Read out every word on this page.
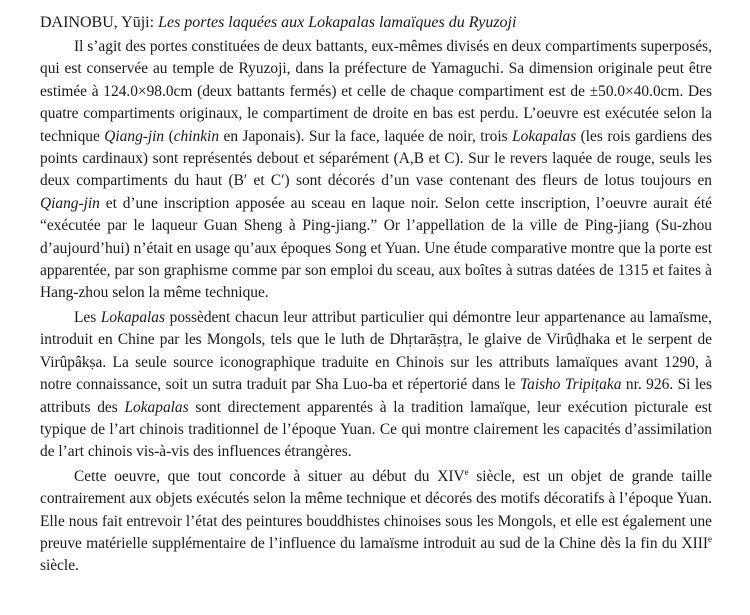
DAINOBU, Yūji: Les portes laquées aux Lokapalas lamaïques du Ryuzoji

Il s’agit des portes constituées de deux battants, eux-mêmes divisés en deux compartiments superposés, qui est conservée au temple de Ryuzoji, dans la préfecture de Yamaguchi. Sa dimension originale peut être estimée à 124.0×98.0cm (deux battants fermés) et celle de chaque compartiment est de ±50.0×40.0cm. Des quatre compartiments originaux, le compartiment de droite en bas est perdu. L’oeuvre est exécutée selon la technique Qiang-jin (chinkin en Japonais). Sur la face, laquée de noir, trois Lokapalas (les rois gardiens des points cardinaux) sont représentés debout et séparément (A,B et C). Sur le revers laquée de rouge, seuls les deux compartiments du haut (B′ et C′) sont décorés d’un vase contenant des fleurs de lotus toujours en Qiang-jin et d’une inscription apposée au sceau en laque noir. Selon cette inscription, l’oeuvre aurait été “exécutée par le laqueur Guan Sheng à Ping-jiang.” Or l’appellation de la ville de Ping-jiang (Su-zhou d’aujourd’hui) n’était en usage qu’aux époques Song et Yuan. Une étude comparative montre que la porte est apparentée, par son graphisme comme par son emploi du sceau, aux boîtes à sutras datées de 1315 et faites à Hang-zhou selon la même technique.

Les Lokapalas possèdent chacun leur attribut particulier qui démontre leur appartenance au lamaïsme, introduit en Chine par les Mongols, tels que le luth de Dhṛtarāṣṭra, le glaive de Virûḍhaka et le serpent de Virûpâkṣa. La seule source iconographique traduite en Chinois sur les attributs lamaïques avant 1290, à notre connaissance, soit un sutra traduit par Sha Luo-ba et répertorié dans le Taisho Tripiṭaka nr. 926. Si les attributs des Lokapalas sont directement apparentés à la tradition lamaïque, leur exécution picturale est typique de l’art chinois traditionnel de l’époque Yuan. Ce qui montre clairement les capacités d’assimilation de l’art chinois vis-à-vis des influences étrangères.

Cette oeuvre, que tout concorde à situer au début du XIVe siècle, est un objet de grande taille contrairement aux objets exécutés selon la même technique et décorés des motifs décoratifs à l’époque Yuan. Elle nous fait entrevoir l’état des peintures bouddhistes chinoises sous les Mongols, et elle est également une preuve matérielle supplémentaire de l’influence du lamaïsme introduit au sud de la Chine dès la fin du XIIIe siècle.
